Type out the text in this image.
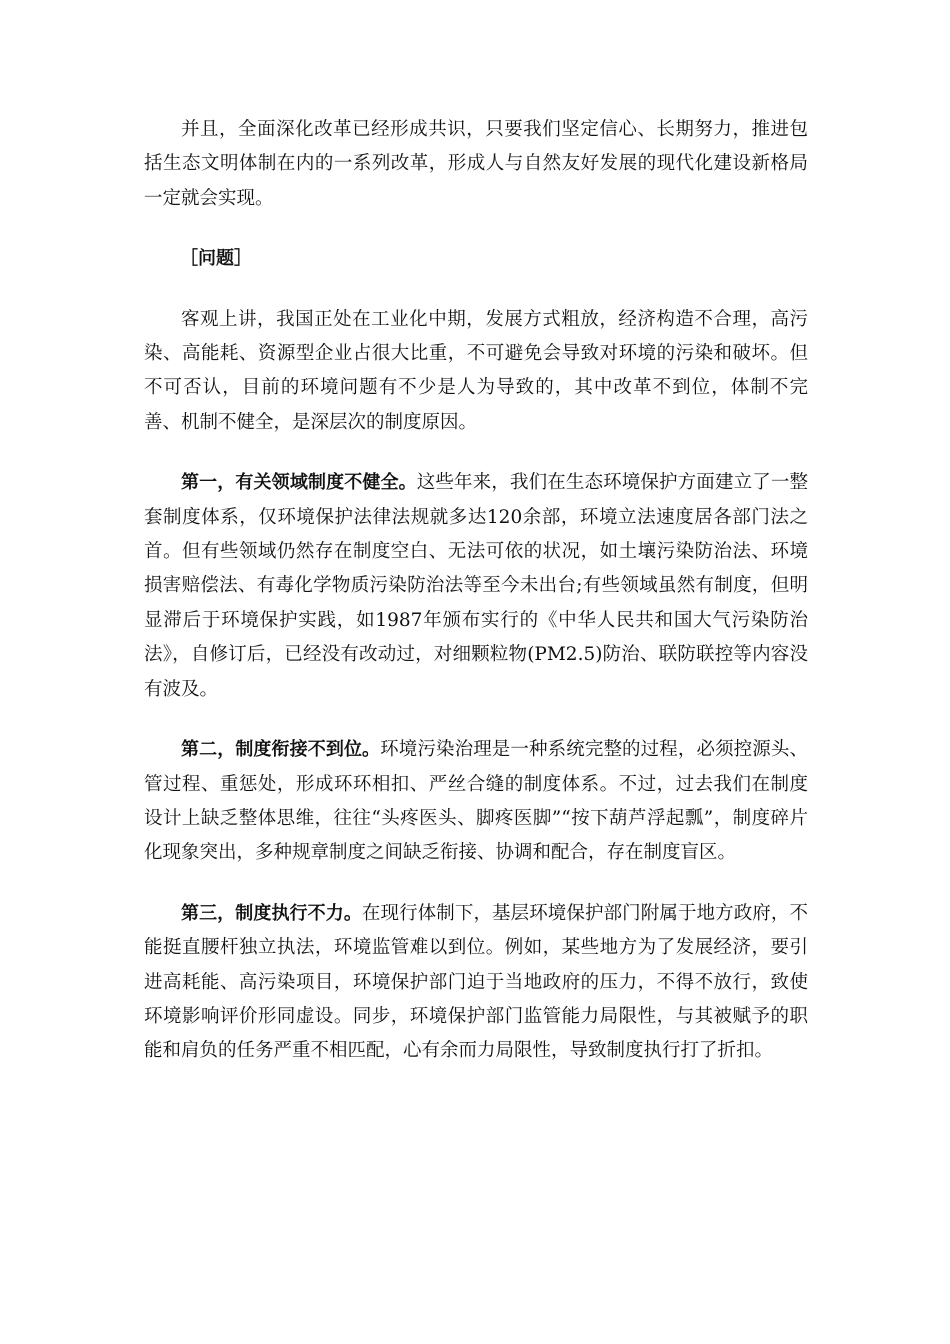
并且，全面深化改革已经形成共识，只要我们坚定信心、长期努力，推进包括生态文明体制在内的一系列改革，形成人与自然友好发展的现代化建设新格局一定就会实现。

［问题］

客观上讲，我国正处在工业化中期，发展方式粗放，经济构造不合理，高污染、高能耗、资源型企业占很大比重，不可避免会导致对环境的污染和破坏。但不可否认，目前的环境问题有不少是人为导致的，其中改革不到位，体制不完善、机制不健全，是深层次的制度原因。

第一，有关领域制度不健全。这些年来，我们在生态环境保护方面建立了一整套制度体系，仅环境保护法律法规就多达120余部，环境立法速度居各部门法之首。但有些领域仍然存在制度空白、无法可依的状况，如土壤污染防治法、环境损害赔偿法、有毒化学物质污染防治法等至今未出台;有些领域虽然有制度，但明显滞后于环境保护实践，如1987年颁布实行的《中华人民共和国大气污染防治法》，自修订后，已经没有改动过，对细颗粒物(PM2.5)防治、联防联控等内容没有波及。

第二，制度衔接不到位。环境污染治理是一种系统完整的过程，必须控源头、管过程、重惩处，形成环环相扣、严丝合缝的制度体系。不过，过去我们在制度设计上缺乏整体思维，往往“头疼医头、脚疼医脚”“按下葫芦浮起瓢”，制度碎片化现象突出，多种规章制度之间缺乏衔接、协调和配合，存在制度盲区。

第三，制度执行不力。在现行体制下，基层环境保护部门附属于地方政府，不能挺直腰杆独立执法，环境监管难以到位。例如，某些地方为了发展经济，要引进高耗能、高污染项目，环境保护部门迫于当地政府的压力，不得不放行，致使环境影响评价形同虚设。同步，环境保护部门监管能力局限性，与其被赋予的职能和肩负的任务严重不相匹配，心有余而力局限性，导致制度执行打了折扣。
